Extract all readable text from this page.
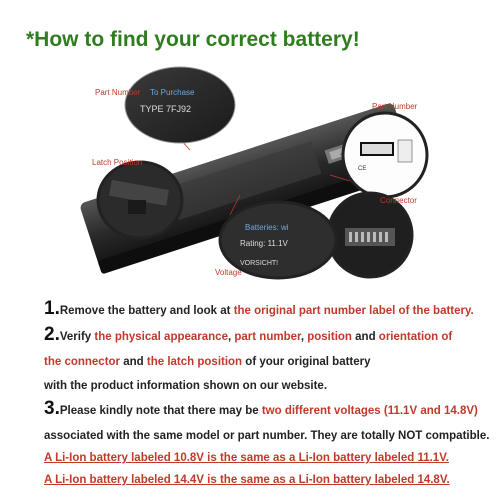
*How to find your correct battery!
To Purchase
TYPE 7FJ92
CE
Batteries: wi
Rating: 11.1V
VORSICHT!
Part Number
Part Number
Latch Position
Connector
Voltage
1.Remove the battery and look at the original part number label of the battery.
2.Verify the physical appearance, part number, position and orientation of
the connector and the latch position of your original battery
with the product information shown on our website.
3.Please kindly note that there may be two different voltages (11.1V and 14.8V)
associated with the same model or part number. They are totally NOT compatible.
A Li-Ion battery labeled 10.8V is the same as a Li-Ion battery labeled 11.1V.
A Li-Ion battery labeled 14.4V is the same as a Li-Ion battery labeled 14.8V.
